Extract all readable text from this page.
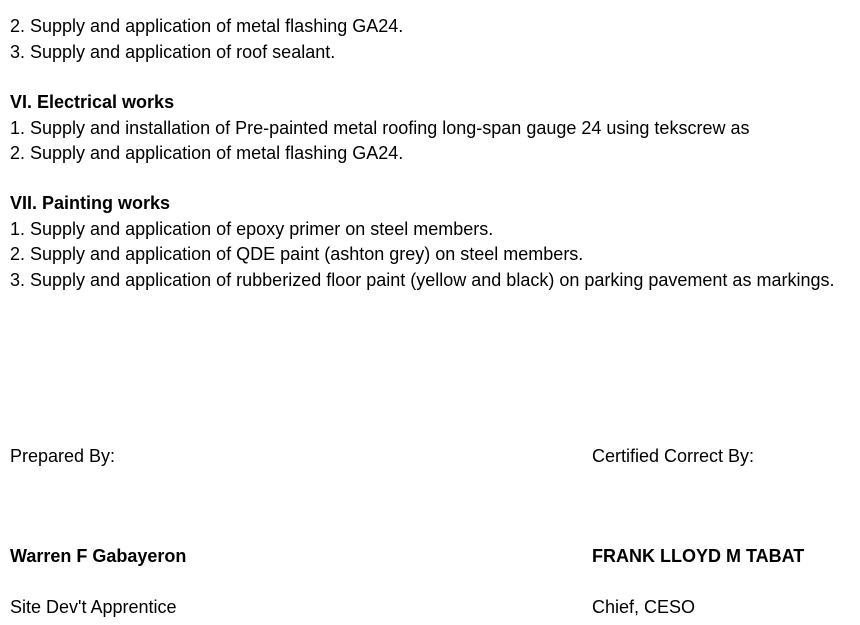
2. Supply and application of metal flashing GA24.
3. Supply and application of roof sealant.
VI. Electrical works
1. Supply and installation of Pre-painted metal roofing long-span gauge 24 using tekscrew as
2. Supply and application of metal flashing GA24.
VII. Painting works
1. Supply and application of epoxy primer on steel members.
2. Supply and application of QDE paint (ashton grey) on steel members.
3. Supply and application of rubberized floor paint (yellow and black) on parking pavement as markings.
Prepared By:	Certified Correct By:
Warren F Gabayeron	FRANK LLOYD M TABAT
Site Dev't Apprentice	Chief, CESO
